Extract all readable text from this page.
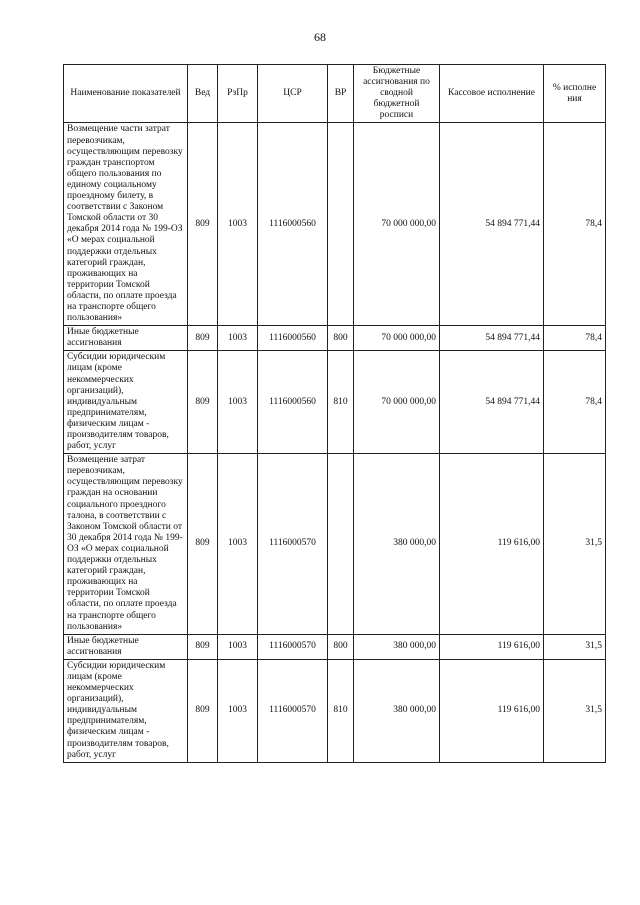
68
Наименование показателей	Вед	РзПр	ЦСР	ВР	Бюджетные ассигнования по сводной бюджетной росписи	Кассовое исполнение	% исполне ния
Возмещение части затрат перевозчикам, осуществляющим перевозку граждан транспортом общего пользования по единому социальному проездному билету, в соответствии с Законом Томской области от 30 декабря 2014 года № 199-ОЗ «О мерах социальной поддержки отдельных категорий граждан, проживающих на территории Томской области, по оплате проезда на транспорте общего пользования»	809	1003	1116000560		70 000 000,00	54 894 771,44	78,4
Иные бюджетные ассигнования	809	1003	1116000560	800	70 000 000,00	54 894 771,44	78,4
Субсидии юридическим лицам (кроме некоммерческих организаций), индивидуальным предпринимателям, физическим лицам - производителям товаров, работ, услуг	809	1003	1116000560	810	70 000 000,00	54 894 771,44	78,4
Возмещение затрат перевозчикам, осуществляющим перевозку граждан на основании социального проездного талона, в соответствии с Законом Томской области от 30 декабря 2014 года № 199-ОЗ «О мерах социальной поддержки отдельных категорий граждан, проживающих на территории Томской области, по оплате проезда на транспорте общего пользования»	809	1003	1116000570		380 000,00	119 616,00	31,5
Иные бюджетные ассигнования	809	1003	1116000570	800	380 000,00	119 616,00	31,5
Субсидии юридическим лицам (кроме некоммерческих организаций), индивидуальным предпринимателям, физическим лицам - производителям товаров, работ, услуг	809	1003	1116000570	810	380 000,00	119 616,00	31,5
